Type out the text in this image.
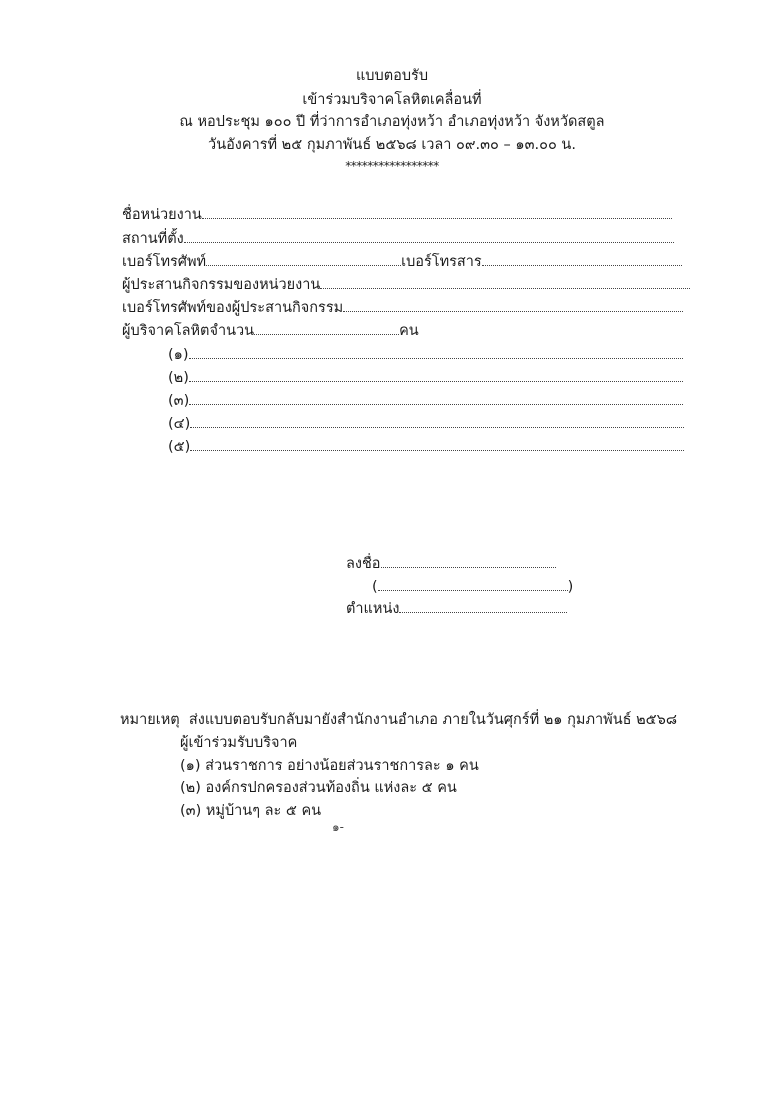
แบบตอบรับ
เข้าร่วมบริจาคโลหิตเคลื่อนที่
ณ หอประชุม ๑๐๐ ปี ที่ว่าการอำเภอทุ่งหว้า อำเภอทุ่งหว้า จังหวัดสตูล
วันอังคารที่ ๒๕ กุมภาพันธ์ ๒๕๖๘ เวลา ๐๙.๓๐ – ๑๓.๐๐ น.
*****************
ชื่อหน่วยงาน
สถานที่ตั้ง
เบอร์โทรศัพท์	เบอร์โทรสาร
ผู้ประสานกิจกรรมของหน่วยงาน
เบอร์โทรศัพท์ของผู้ประสานกิจกรรม
ผู้บริจาคโลหิตจำนวน	คน
(๑)
(๒)
(๓)
(๔)
(๕)
ลงชื่อ
(	)
ตำแหน่ง
หมายเหตุ ส่งแบบตอบรับกลับมายังสำนักงานอำเภอ ภายในวันศุกร์ที่ ๒๑ กุมภาพันธ์ ๒๕๖๘
ผู้เข้าร่วมรับบริจาค
(๑) ส่วนราชการ อย่างน้อยส่วนราชการละ ๑ คน
(๒) องค์กรปกครองส่วนท้องถิ่น แห่งละ ๕ คน
(๓) หมู่บ้านๆ ละ ๕ คน
๑-
